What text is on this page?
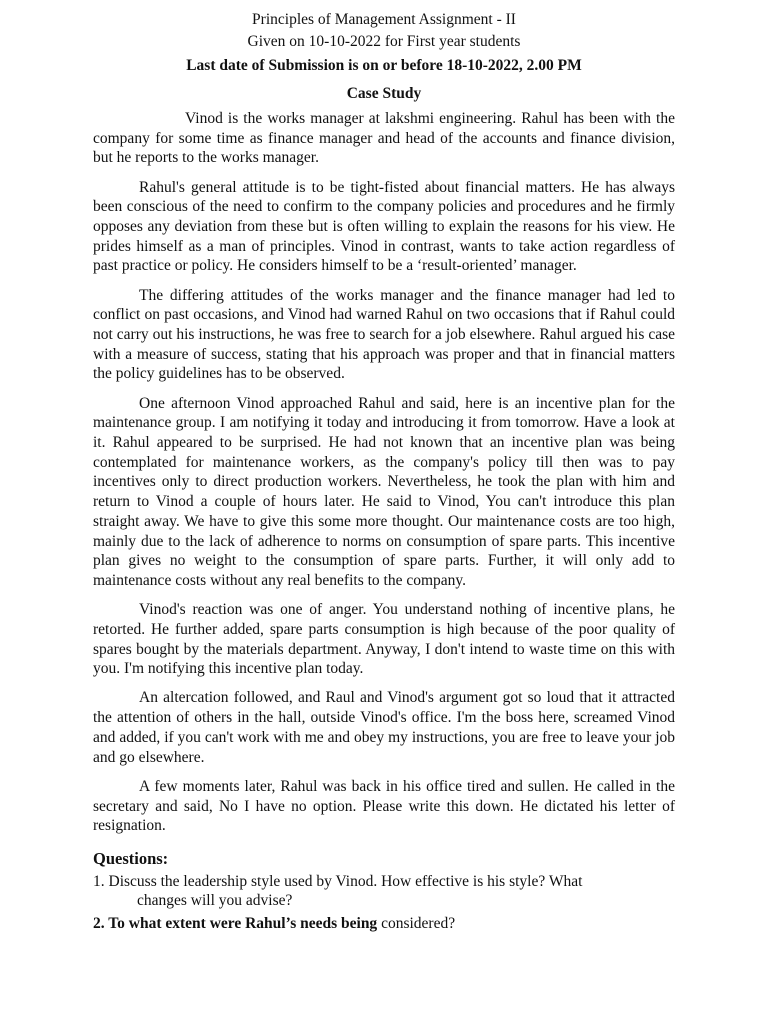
Principles of Management Assignment - II
Given on 10-10-2022 for First year students
Last date of Submission is on or before 18-10-2022, 2.00 PM
Case Study

Vinod is the works manager at lakshmi engineering. Rahul has been with the company for some time as finance manager and head of the accounts and finance division, but he reports to the works manager.

Rahul's general attitude is to be tight-fisted about financial matters. He has always been conscious of the need to confirm to the company policies and procedures and he firmly opposes any deviation from these but is often willing to explain the reasons for his view. He prides himself as a man of principles. Vinod in contrast, wants to take action regardless of past practice or policy. He considers himself to be a ‘result-oriented’ manager.

The differing attitudes of the works manager and the finance manager had led to conflict on past occasions, and Vinod had warned Rahul on two occasions that if Rahul could not carry out his instructions, he was free to search for a job elsewhere. Rahul argued his case with a measure of success, stating that his approach was proper and that in financial matters the policy guidelines has to be observed.

One afternoon Vinod approached Rahul and said, here is an incentive plan for the maintenance group. I am notifying it today and introducing it from tomorrow. Have a look at it. Rahul appeared to be surprised. He had not known that an incentive plan was being contemplated for maintenance workers, as the company's policy till then was to pay incentives only to direct production workers. Nevertheless, he took the plan with him and return to Vinod a couple of hours later. He said to Vinod, You can't introduce this plan straight away. We have to give this some more thought. Our maintenance costs are too high, mainly due to the lack of adherence to norms on consumption of spare parts. This incentive plan gives no weight to the consumption of spare parts. Further, it will only add to maintenance costs without any real benefits to the company.

Vinod's reaction was one of anger. You understand nothing of incentive plans, he retorted. He further added, spare parts consumption is high because of the poor quality of spares bought by the materials department. Anyway, I don't intend to waste time on this with you. I'm notifying this incentive plan today.

An altercation followed, and Raul and Vinod's argument got so loud that it attracted the attention of others in the hall, outside Vinod's office. I'm the boss here, screamed Vinod and added, if you can't work with me and obey my instructions, you are free to leave your job and go elsewhere.

A few moments later, Rahul was back in his office tired and sullen. He called in the secretary and said, No I have no option. Please write this down. He dictated his letter of resignation.

Questions:
1. Discuss the leadership style used by Vinod. How effective is his style? What
changes will you advise?
2. To what extent were Rahul’s needs being considered?
